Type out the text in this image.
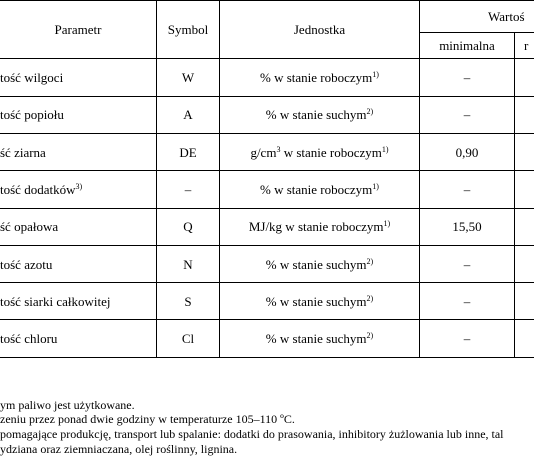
Parametr	Symbol	Jednostka
Wartoś
minimalna	r
tość wilgoci	W	% w stanie roboczym$^{1)}$	–
tość popiołu	A	% w stanie suchym$^{2)}$	–
ść ziarna	DE	$g/cm^3$ w stanie roboczym$^{1)}$	0,90
tość dodatków$^{3)}$	–	% w stanie roboczym$^{1)}$	–
ść opałowa	Q	MJ/kg w stanie roboczym$^{1)}$	15,50
tość azotu	N	% w stanie suchym$^{2)}$	–
tość siarki całkowitej	S	% w stanie suchym$^{2)}$	–
tość chloru	Cl	% w stanie suchym$^{2)}$	–
ym paliwo jest użytkowane.
zeniu przez ponad dwie godziny w temperaturze 105–110 ºC.
pomagające produkcję, transport lub spalanie: dodatki do prasowania, inhibitory żużlowania lub inne, tal
ydziana oraz ziemniaczana, olej roślinny, lignina.
